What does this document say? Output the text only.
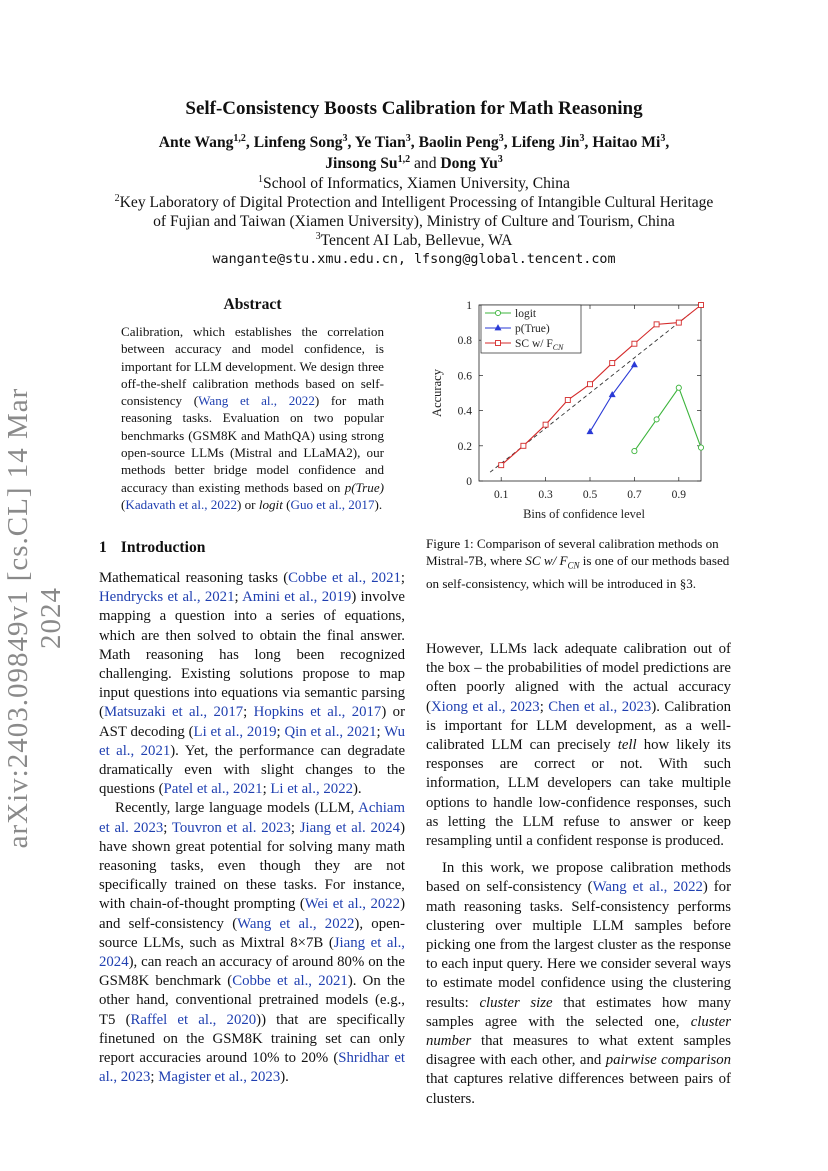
arXiv:2403.09849v1 [cs.CL] 14 Mar 2024
Self-Consistency Boosts Calibration for Math Reasoning
Ante Wang$^{1,2}$, Linfeng Song$^3$, Ye Tian$^3$, Baolin Peng$^3$, Lifeng Jin$^3$, Haitao Mi$^3$,
Jinsong Su$^{1,2}$ and Dong Yu$^3$
$^1$School of Informatics, Xiamen University, China
$^2$Key Laboratory of Digital Protection and Intelligent Processing of Intangible Cultural Heritage
of Fujian and Taiwan (Xiamen University), Ministry of Culture and Tourism, China
$^3$Tencent AI Lab, Bellevue, WA
wangante@stu.xmu.edu.cn, lfsong@global.tencent.com
Abstract
Calibration, which establishes the correlation between accuracy and model confidence, is important for LLM development. We design three off-the-shelf calibration methods based on self-consistency (Wang et al., 2022) for math reasoning tasks. Evaluation on two popular benchmarks (GSM8K and MathQA) using strong open-source LLMs (Mistral and LLaMA2), our methods better bridge model confidence and accuracy than existing methods based on p(True) (Kadavath et al., 2022) or logit (Guo et al., 2017).
1 Introduction

Mathematical reasoning tasks (Cobbe et al., 2021; Hendrycks et al., 2021; Amini et al., 2019) involve mapping a question into a series of equations, which are then solved to obtain the final answer. Math reasoning has long been recognized challenging. Existing solutions propose to map input questions into equations via semantic parsing (Matsuzaki et al., 2017; Hopkins et al., 2017) or AST decoding (Li et al., 2019; Qin et al., 2021; Wu et al., 2021). Yet, the performance can degradate dramatically even with slight changes to the questions (Patel et al., 2021; Li et al., 2022).

Recently, large language models (LLM, Achiam et al. 2023; Touvron et al. 2023; Jiang et al. 2024) have shown great potential for solving many math reasoning tasks, even though they are not specifically trained on these tasks. For instance, with chain-of-thought prompting (Wei et al., 2022) and self-consistency (Wang et al., 2022), open-source LLMs, such as Mixtral 8×7B (Jiang et al., 2024), can reach an accuracy of around 80% on the GSM8K benchmark (Cobbe et al., 2021). On the other hand, conventional pretrained models (e.g., T5 (Raffel et al., 2020)) that are specifically finetuned on the GSM8K training set can only report accuracies around 10% to 20% (Shridhar et al., 2023; Magister et al., 2023).

0
0.2
0.4
0.6
0.8
1
0.1	0.3	0.5	0.7	0.9
Bins of confidence level
Accuracy
logit
p(True)
SC w/ $F_{CN}$
Figure 1: Comparison of several calibration methods on Mistral-7B, where SC w/ $F_{CN}$ is one of our methods based on self-consistency, which will be introduced in §3.

However, LLMs lack adequate calibration out of the box – the probabilities of model predictions are often poorly aligned with the actual accuracy (Xiong et al., 2023; Chen et al., 2023). Calibration is important for LLM development, as a well-calibrated LLM can precisely tell how likely its responses are correct or not. With such information, LLM developers can take multiple options to handle low-confidence responses, such as letting the LLM refuse to answer or keep resampling until a confident response is produced.

In this work, we propose calibration methods based on self-consistency (Wang et al., 2022) for math reasoning tasks. Self-consistency performs clustering over multiple LLM samples before picking one from the largest cluster as the response to each input query. Here we consider several ways to estimate model confidence using the clustering results: cluster size that estimates how many samples agree with the selected one, cluster number that measures to what extent samples disagree with each other, and pairwise comparison that captures relative differences between pairs of clusters.
